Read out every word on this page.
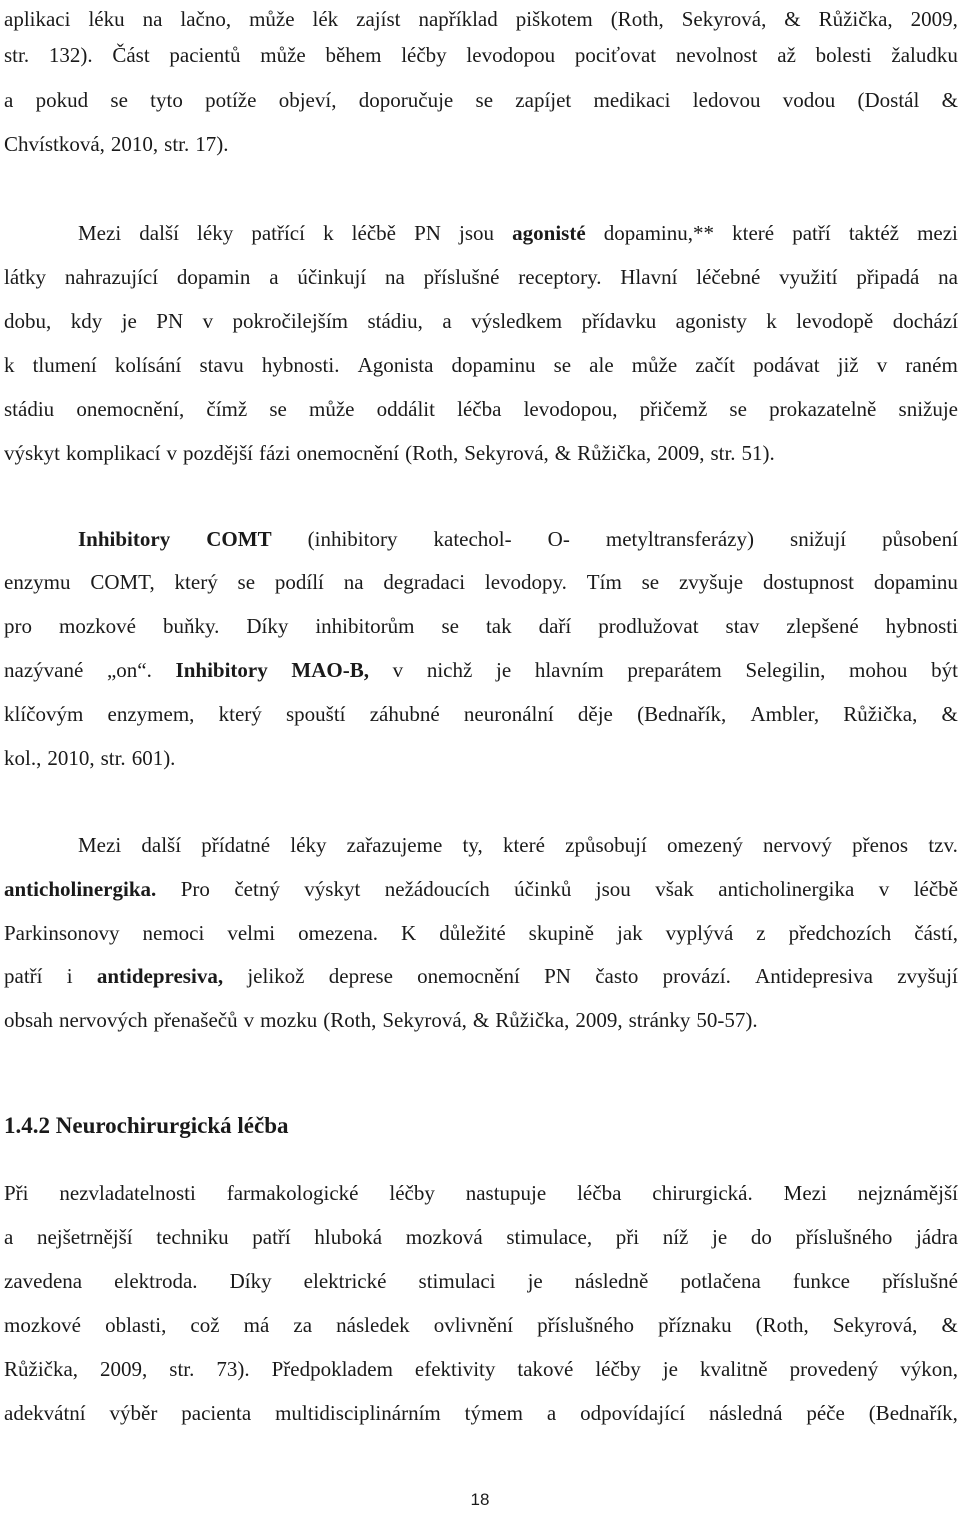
aplikaci léku na lačno, může lék zajíst například piškotem (Roth, Sekyrová, & Růžička, 2009,
str. 132). Část pacientů může během léčby levodopou pociťovat nevolnost až bolesti žaludku
a pokud se tyto potíže objeví, doporučuje se zapíjet medikaci ledovou vodou (Dostál &
Chvístková, 2010, str. 17).
Mezi další léky patřící k léčbě PN jsou agonisté dopaminu,** které patří taktéž mezi
látky nahrazující dopamin a účinkují na příslušné receptory. Hlavní léčebné využití připadá na
dobu, kdy je PN v pokročilejším stádiu, a výsledkem přídavku agonisty k levodopě dochází
k tlumení kolísání stavu hybnosti. Agonista dopaminu se ale může začít podávat již v raném
stádiu onemocnění, čímž se může oddálit léčba levodopou, přičemž se prokazatelně snižuje
výskyt komplikací v pozdější fázi onemocnění (Roth, Sekyrová, & Růžička, 2009, str. 51).
Inhibitory COMT (inhibitory katechol- O- metyltransferázy) snižují působení
enzymu COMT, který se podílí na degradaci levodopy. Tím se zvyšuje dostupnost dopaminu
pro mozkové buňky. Díky inhibitorům se tak daří prodlužovat stav zlepšené hybnosti
nazývané „on“. Inhibitory MAO-B, v nichž je hlavním preparátem Selegilin, mohou být
klíčovým enzymem, který spouští záhubné neuronální děje (Bednařík, Ambler, Růžička, &
kol., 2010, str. 601).
Mezi další přídatné léky zařazujeme ty, které způsobují omezený nervový přenos tzv.
anticholinergika. Pro četný výskyt nežádoucích účinků jsou však anticholinergika v léčbě
Parkinsonovy nemoci velmi omezena. K důležité skupině jak vyplývá z předchozích částí,
patří i antidepresiva, jelikož deprese onemocnění PN často provází. Antidepresiva zvyšují
obsah nervových přenašečů v mozku (Roth, Sekyrová, & Růžička, 2009, stránky 50-57).
Při nezvladatelnosti farmakologické léčby nastupuje léčba chirurgická. Mezi nejznámější
a nejšetrnější techniku patří hluboká mozková stimulace, při níž je do příslušného jádra
zavedena elektroda. Díky elektrické stimulaci je následně potlačena funkce příslušné
mozkové oblasti, což má za následek ovlivnění příslušného příznaku (Roth, Sekyrová, &
Růžička, 2009, str. 73). Předpokladem efektivity takové léčby je kvalitně provedený výkon,
adekvátní výběr pacienta multidisciplinárním týmem a odpovídající následná péče (Bednařík,
1.4.2 Neurochirurgická léčba
18
